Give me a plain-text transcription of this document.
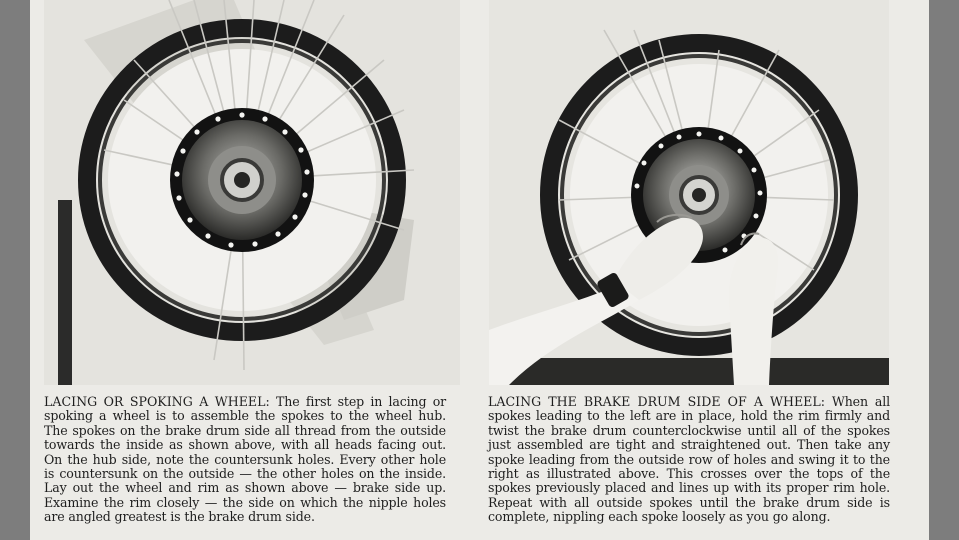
LACING OR SPOKING A WHEEL: The first step in lacing or spoking a wheel is to assemble the spokes to the wheel hub. The spokes on the brake drum side all thread from the outside towards the inside as shown above, with all heads facing out. On the hub side, note the countersunk holes. Every other hole is countersunk on the outside — the other holes on the inside. Lay out the wheel and rim as shown above — brake side up. Examine the rim closely — the side on which the nipple holes are angled greatest is the brake drum side.
LACING THE BRAKE DRUM SIDE OF A WHEEL: When all spokes leading to the left are in place, hold the rim firmly and twist the brake drum counterclockwise until all of the spokes just assembled are tight and straightened out. Then take any spoke leading from the outside row of holes and swing it to the right as illustrated above. This crosses over the tops of the spokes previously placed and lines up with its proper rim hole. Repeat with all outside spokes until the brake drum side is complete, nippling each spoke loosely as you go along.
